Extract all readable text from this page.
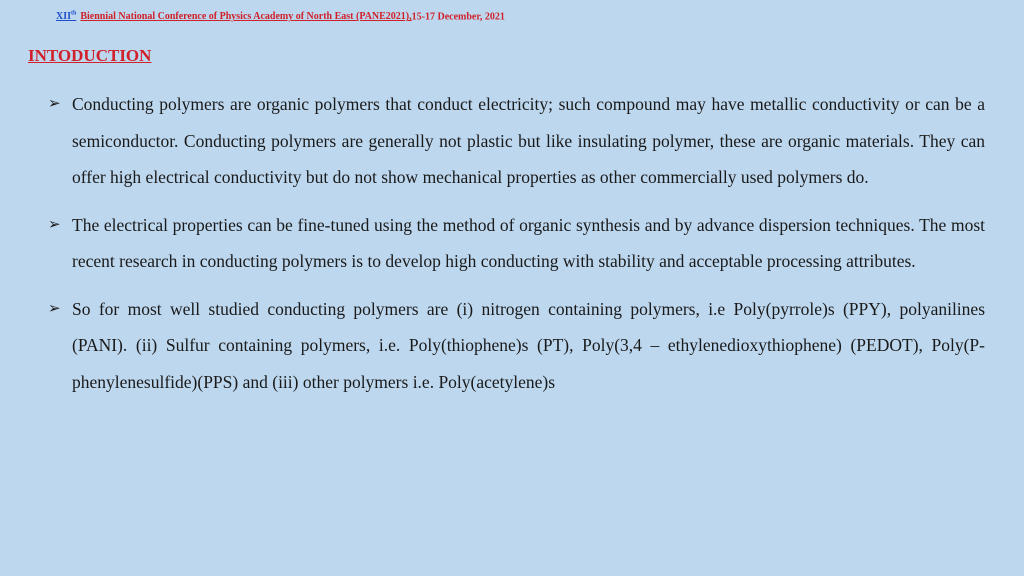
XIIth Biennial National Conference of Physics Academy of North East (PANE2021),15-17 December, 2021
INTODUCTION
➢ Conducting polymers are organic polymers that conduct electricity; such compound may have metallic conductivity or can be a semiconductor. Conducting polymers are generally not plastic but like insulating polymer, these are organic materials. They can offer high electrical conductivity but do not show mechanical properties as other commercially used polymers do.

➢ The electrical properties can be fine-tuned using the method of organic synthesis and by advance dispersion techniques. The most recent research in conducting polymers is to develop high conducting with stability and acceptable processing attributes.

➢ So for most well studied conducting polymers are (i) nitrogen containing polymers, i.e Poly(pyrrole)s (PPY), polyanilines (PANI). (ii) Sulfur containing polymers, i.e. Poly(thiophene)s (PT), Poly(3,4 – ethylenedioxythiophene) (PEDOT), Poly(P-phenylenesulfide)(PPS) and (iii) other polymers i.e. Poly(acetylene)s
